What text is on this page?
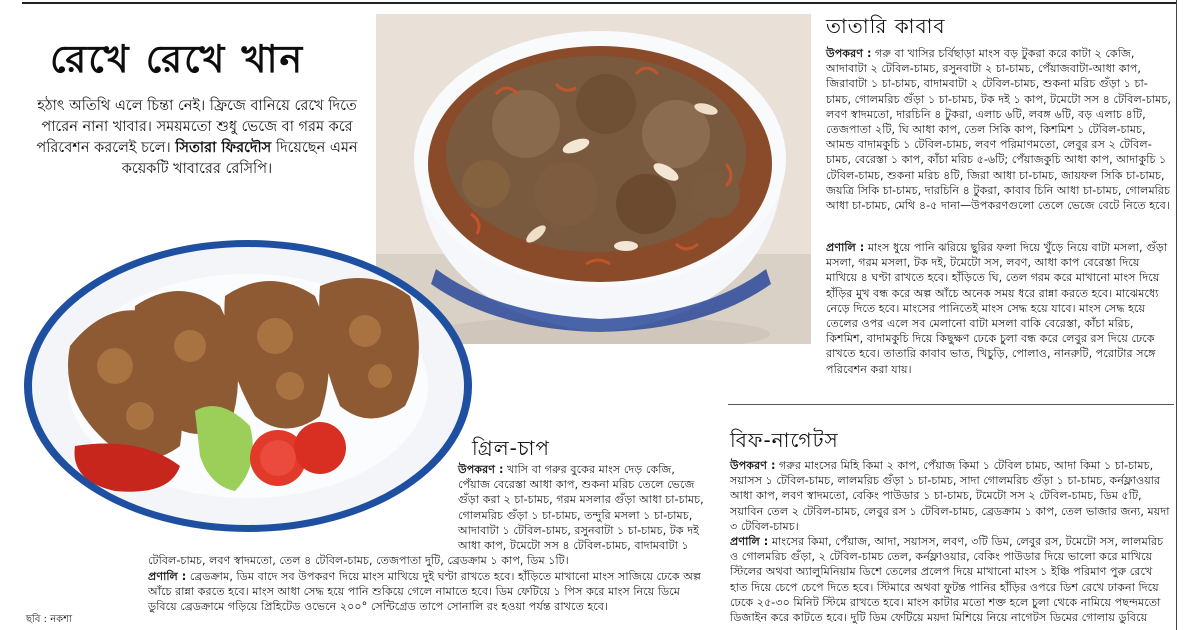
রেখে রেখে খান
হঠাৎ অতিথি এলে চিন্তা নেই। ফ্রিজে বানিয়ে রেখে দিতে পারেন নানা খাবার। সময়মতো শুধু ভেজে বা গরম করে পরিবেশন করলেই চলে। সিতারা ফিরদৌস দিয়েছেন এমন কয়েকটি খাবারের রেসিপি।
তাতারি কাবাব
উপকরণ : গরু বা খাসির চর্বিছাড়া মাংস বড় টুকরা করে কাটা ২ কেজি, আদাবাটা ২ টেবিল-চামচ, রসুনবাটা ২ চা-চামচ, পেঁয়াজবাটা-আধা কাপ, জিরাবাটা ১ চা-চামচ, বাদামবাটা ২ টেবিল-চামচ, শুকনা মরিচ গুঁড়া ১ চা-চামচ, গোলমরিচ গুঁড়া ১ চা-চামচ, টক দই ১ কাপ, টমেটো সস ৪ টেবিল-চামচ, লবণ স্বাদমতো, দারচিনি ৪ টুকরা, এলাচ ৬টি, লবঙ্গ ৬টি, বড় এলাচ ৪টি, তেজপাতা ২টি, ঘি আধা কাপ, তেল সিকি কাপ, কিশমিশ ১ টেবিল-চামচ, আমন্ড বাদামকুচি ১ টেবিল-চামচ, লবণ পরিমাণমতো, লেবুর রস ২ টেবিল-চামচ, বেরেস্তা ১ কাপ, কাঁচা মরিচ ৫-৬টি; পেঁয়াজকুচি আধা কাপ, আদাকুচি ১ টেবিল-চামচ, শুকনা মরিচ ৪টি, জিরা আধা চা-চামচ, জায়ফল সিকি চা-চামচ, জয়ত্রি সিকি চা-চামচ, দারচিনি ৪ টুকরা, কাবাব চিনি আধা চা-চামচ, গোলমরিচ আধা চা-চামচ, মেথি ৪-৫ দানা—উপকরণগুলো তেলে ভেজে বেটে নিতে হবে।
প্রণালি : মাংস ধুয়ে পানি ঝরিয়ে ছুরির ফলা দিয়ে খুঁড়ে নিয়ে বাটা মসলা, গুঁড়া মসলা, গরম মসলা, টক দই, টমেটো সস, লবণ, আধা কাপ বেরেস্তা দিয়ে মাখিয়ে ৪ ঘণ্টা রাখতে হবে। হাঁড়িতে ঘি, তেল গরম করে মাখানো মাংস দিয়ে হাঁড়ির মুখ বন্ধ করে অল্প আঁচে অনেক সময় ধরে রান্না করতে হবে। মাঝেমধ্যে নেড়ে দিতে হবে। মাংসের পানিতেই মাংস সেদ্ধ হয়ে যাবে। মাংস সেদ্ধ হয়ে তেলের ওপর এলে সব মেলানো বাটা মসলা বাকি বেরেস্তা, কাঁচা মরিচ, কিশমিশ, বাদামকুচি দিয়ে কিছুক্ষণ ঢেকে চুলা বন্ধ করে লেবুর রস দিয়ে ঢেকে রাখতে হবে। তাতারি কাবাব ভাত, খিচুড়ি, পোলাও, নানরুটি, পরোটার সঙ্গে পরিবেশন করা যায়।
গ্রিল-চাপ
উপকরণ : খাসি বা গরুর বুকের মাংস দেড় কেজি, পেঁয়াজ বেরেস্তা আধা কাপ, শুকনা মরিচ তেলে ভেজে গুঁড়া করা ২ চা-চামচ, গরম মসলার গুঁড়া আধা চা-চামচ, গোলমরিচ গুঁড়া ১ চা-চামচ, তন্দুরি মসলা ১ চা-চামচ, আদাবাটা ১ টেবিল-চামচ, রসুনবাটা ১ চা-চামচ, টক দই আধা কাপ, টমেটো সস ৪ টেবিল-চামচ, বাদামবাটা ১
টেবিল-চামচ, লবণ স্বাদমতো, তেল ৪ টেবিল-চামচ, তেজপাতা দুটি, ব্রেডক্রাম ১ কাপ, ডিম ১টি।
প্রণালি : ব্রেডক্রাম, ডিম বাদে সব উপকরণ দিয়ে মাংস মাখিয়ে দুই ঘণ্টা রাখতে হবে। হাঁড়িতে মাখানো মাংস সাজিয়ে ঢেকে অল্প আঁচে রান্না করতে হবে। মাংস আধা সেদ্ধ হয়ে পানি শুকিয়ে গেলে নামাতে হবে। ডিম ফেটিয়ে ১ পিস করে মাংস নিয়ে ডিমে ডুবিয়ে ব্রেডক্রামে গড়িয়ে প্রিহিটেড ওভেনে ২০০° সেন্টিগ্রেড তাপে সোনালি রং হওয়া পর্যন্ত রাখতে হবে।
বিফ-নাগেটস
উপকরণ : গরুর মাংসের মিহি কিমা ২ কাপ, পেঁয়াজ কিমা ১ টেবিল চামচ, আদা কিমা ১ চা-চামচ, সয়াসস ১ টেবিল-চামচ, লালমরিচ গুঁড়া ১ চা-চামচ, সাদা গোলমরিচ গুঁড়া ১ চা-চামচ, কর্নফ্লাওয়ার আধা কাপ, লবণ স্বাদমতো, বেকিং পাউডার ১ চা-চামচ, টমেটো সস ২ টেবিল-চামচ, ডিম ৫টি, সয়াবিন তেল ২ টেবিল-চামচ, লেবুর রস ১ টেবিল-চামচ, ব্রেডক্রাম ১ কাপ, তেল ভাজার জন্য, ময়দা ৩ টেবিল-চামচ।
প্রণালি : মাংসের কিমা, পেঁয়াজ, আদা, সয়াসস, লবণ, ৩টি ডিম, লেবুর রস, টমেটো সস, লালমরিচ ও গোলমরিচ গুঁড়া, ২ টেবিল-চামচ তেল, কর্নফ্লাওয়ার, বেকিং পাউডার দিয়ে ভালো করে মাখিয়ে স্টিলের অথবা অ্যালুমিনিয়াম ডিশে তেলের প্রলেপ দিয়ে মাখানো মাংস ১ ইঞ্চি পরিমাণ পুরু রেখে হাত দিয়ে চেপে চেপে দিতে হবে। স্টিমারে অথবা ফুটন্ত পানির হাঁড়ির ওপরে ডিশ রেখে ঢাকনা দিয়ে ঢেকে ২৫-৩০ মিনিট স্টিমে রাখতে হবে। মাংস কাটার মতো শক্ত হলে চুলা থেকে নামিয়ে পছন্দমতো ডিজাইন করে কাটতে হবে। দুটি ডিম ফেটিয়ে ময়দা মিশিয়ে নিয়ে নাগেটস ডিমের গোলায় ডুবিয়ে
ছবি : নকশা
